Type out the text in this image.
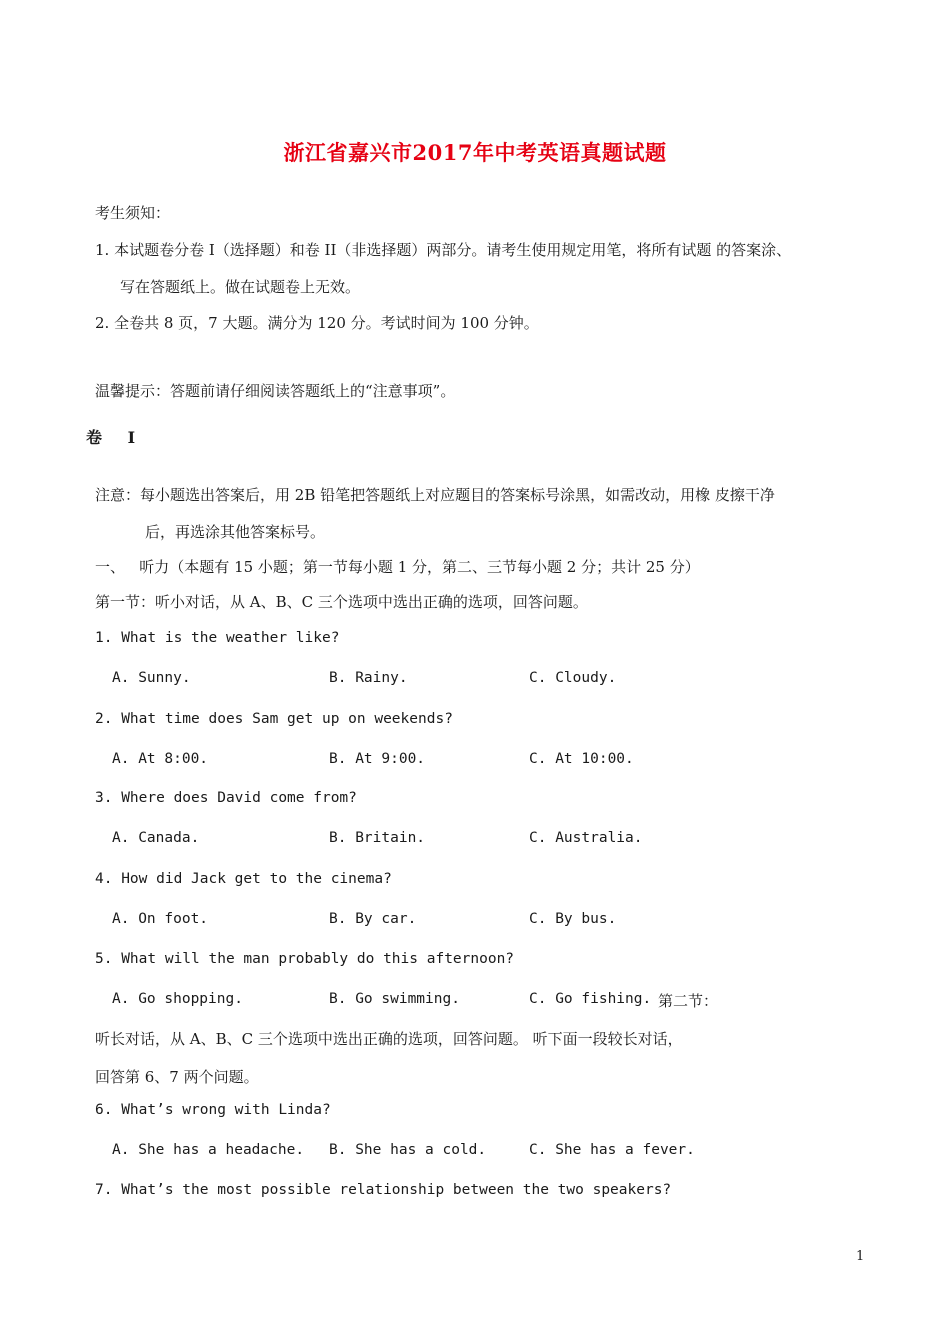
浙江省嘉兴市2017年中考英语真题试题
考生须知：
1. 本试题卷分卷 I（选择题）和卷 II（非选择题）两部分。请考生使用规定用笔，将所有试题 的答案涂、
写在答题纸上。做在试题卷上无效。
2. 全卷共 8 页，7 大题。满分为 120 分。考试时间为 100 分钟。
温馨提示：答题前请仔细阅读答题纸上的“注意事项”。
卷 I
注意：每小题选出答案后，用 2B 铅笔把答题纸上对应题目的答案标号涂黑，如需改动，用橡 皮擦干净
后，再选涂其他答案标号。
一、   听力（本题有 15 小题；第一节每小题 1 分，第二、三节每小题 2 分；共计 25 分）
第一节：听小对话，从 A、B、C 三个选项中选出正确的选项，回答问题。
1. What is the weather like?
A. Sunny.	B. Rainy.	C. Cloudy.
2. What time does Sam get up on weekends?
A. At 8:00.	B. At 9:00.	C. At 10:00.
3. Where does David come from?
A. Canada.	B. Britain.	C. Australia.
4. How did Jack get to the cinema?
A. On foot.	B. By car.	C. By bus.
5. What will the man probably do this afternoon?
A. Go shopping.	B. Go swimming.	C. Go fishing. 第二节：
听长对话，从 A、B、C 三个选项中选出正确的选项，回答问题。 听下面一段较长对话，
回答第 6、7 两个问题。
6. What’s wrong with Linda?
A. She has a headache. B. She has a cold.	C. She has a fever.
7. What’s the most possible relationship between the two speakers?
1
